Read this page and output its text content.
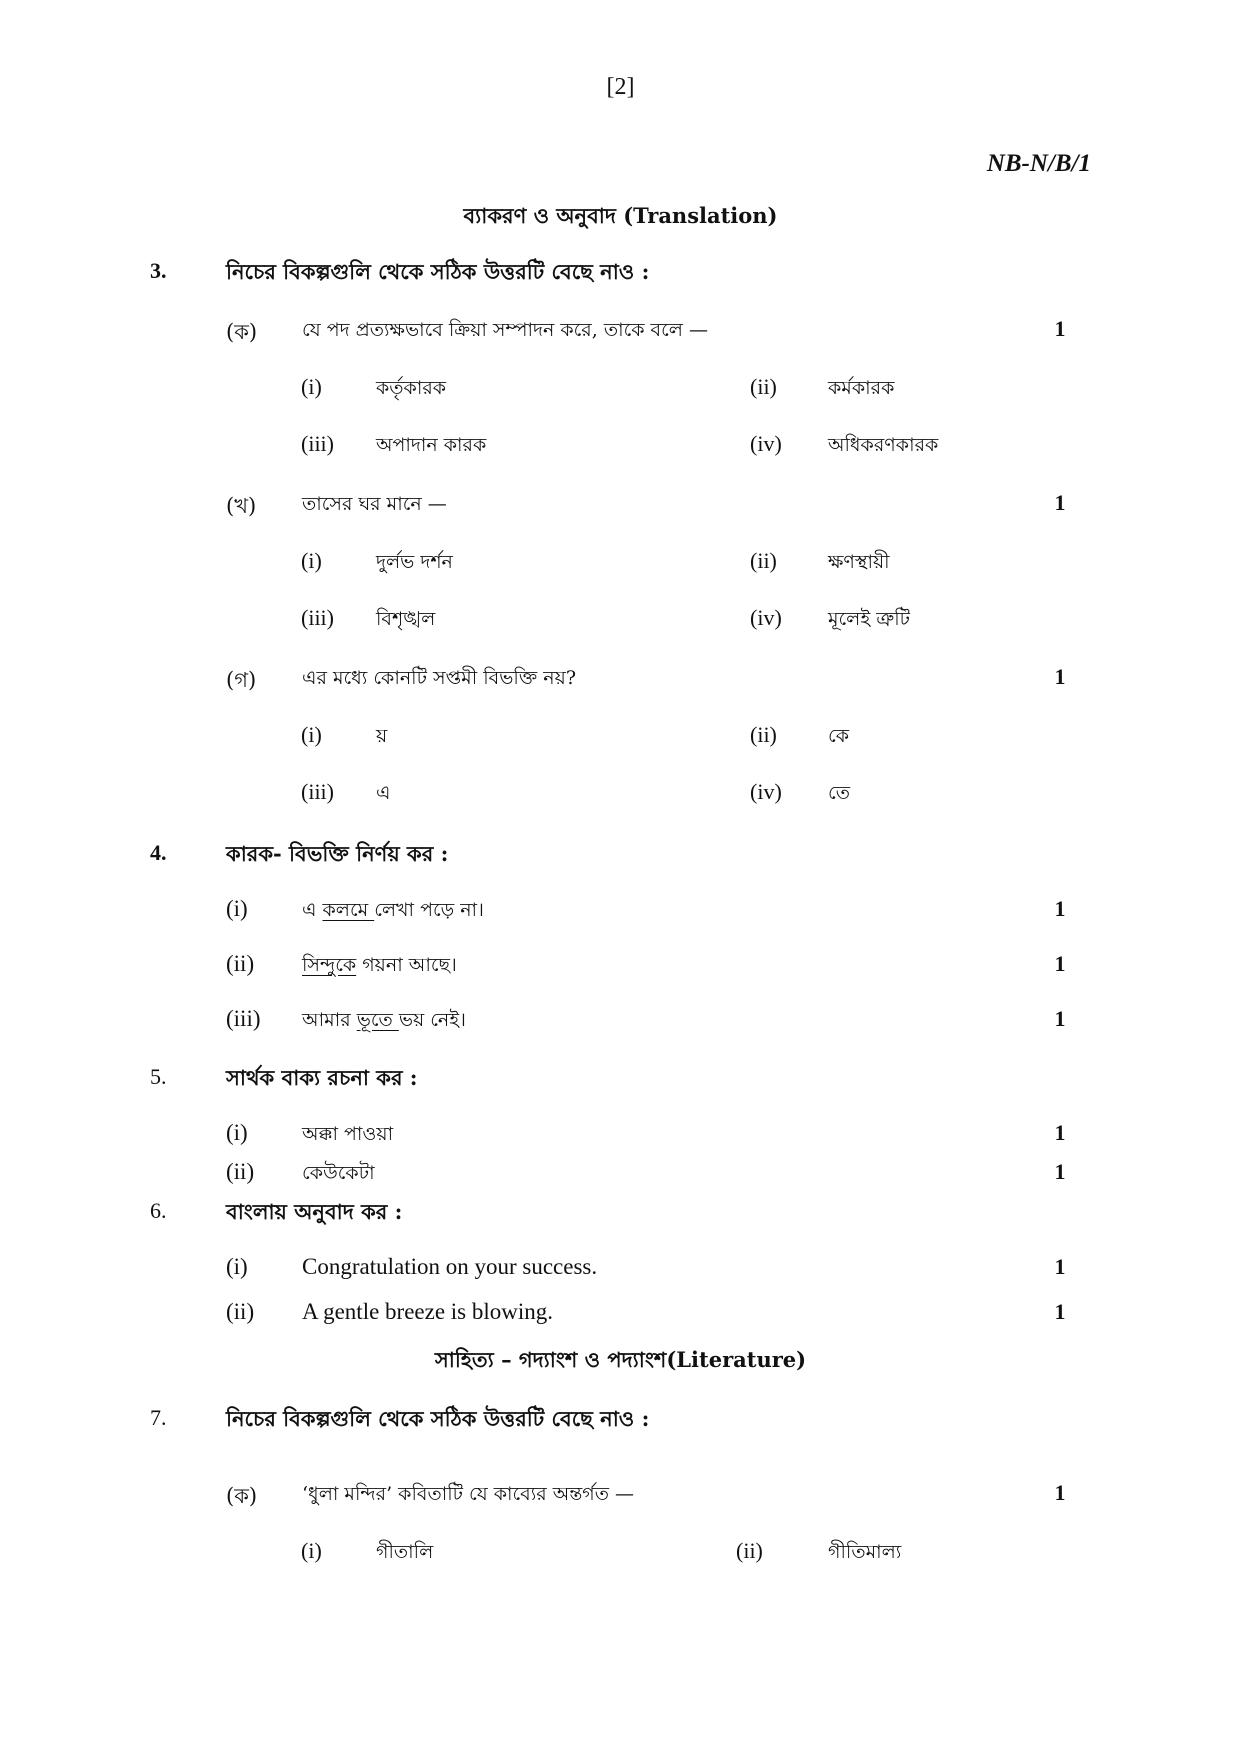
[2]
NB-N/B/1
ব্যাকরণ ও অনুবাদ (Translation)
3.	নিচের বিকল্পগুলি থেকে সঠিক উত্তরটি বেছে নাও :
(ক) যে পদ প্রত্যক্ষভাবে ক্রিয়া সম্পাদন করে, তাকে বলে —	1
(i)	কর্তৃকারক	(ii)	কর্মকারক
(iii) অপাদান কারক	(iv) অধিকরণকারক
(খ) তাসের ঘর মানে —	1
(i)	দুর্লভ দর্শন	(ii)	ক্ষণস্থায়ী
(iii) বিশৃঙ্খল	(iv) মূলেই ত্রুটি
(গ) এর মধ্যে কোনটি সপ্তমী বিভক্তি নয়?	1
(i)	য়	(ii)	কে
(iii) এ	(iv) তে
4.	কারক- বিভক্তি নির্ণয় কর :
(i)	এ কলমে লেখা পড়ে না।	1
(ii)	সিন্দুকে গয়না আছে।	1
(iii) আমার ভূতে ভয় নেই।	1
5.	সার্থক বাক্য রচনা কর :
(i)	অক্কা পাওয়া	1
(ii)	কেউকেটা	1
6.	বাংলায় অনুবাদ কর :
(i) Congratulation on your success.	1
(ii) A gentle breeze is blowing.	1
সাহিত্য – গদ্যাংশ ও পদ্যাংশ(Literature)
7.	নিচের বিকল্পগুলি থেকে সঠিক উত্তরটি বেছে নাও :
(ক) ‘ধুলা মন্দির’ কবিতাটি যে কাব্যের অন্তর্গত —	1
(i)	গীতালি	(ii)	গীতিমাল্য
